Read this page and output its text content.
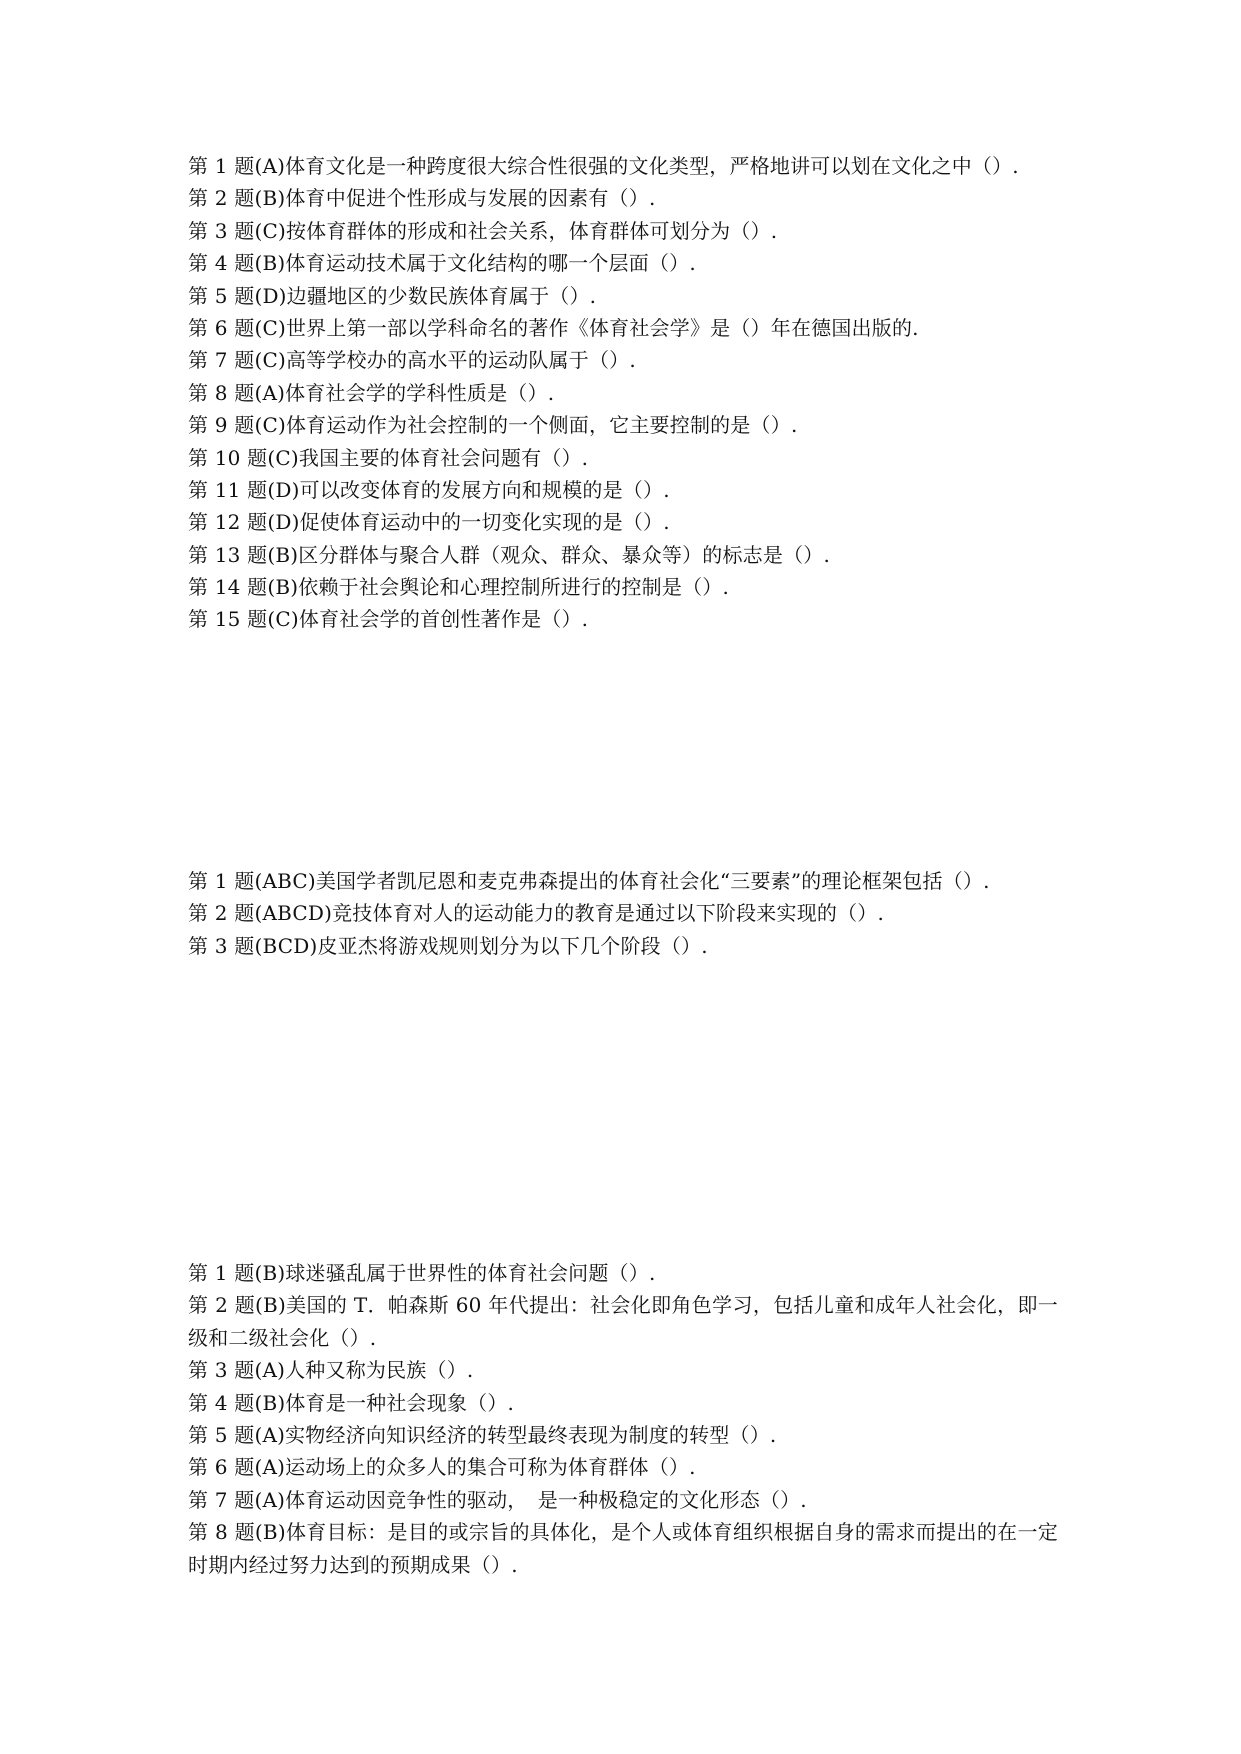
第 1 题(A)体育文化是一种跨度很大综合性很强的文化类型，严格地讲可以划在文化之中（）.
第 2 题(B)体育中促进个性形成与发展的因素有（）.
第 3 题(C)按体育群体的形成和社会关系，体育群体可划分为（）.
第 4 题(B)体育运动技术属于文化结构的哪一个层面（）.
第 5 题(D)边疆地区的少数民族体育属于（）.
第 6 题(C)世界上第一部以学科命名的著作《体育社会学》是（）年在德国出版的.
第 7 题(C)高等学校办的高水平的运动队属于（）.
第 8 题(A)体育社会学的学科性质是（）.
第 9 题(C)体育运动作为社会控制的一个侧面，它主要控制的是（）.
第 10 题(C)我国主要的体育社会问题有（）.
第 11 题(D)可以改变体育的发展方向和规模的是（）.
第 12 题(D)促使体育运动中的一切变化实现的是（）.
第 13 题(B)区分群体与聚合人群（观众、群众、暴众等）的标志是（）.
第 14 题(B)依赖于社会舆论和心理控制所进行的控制是（）.
第 15 题(C)体育社会学的首创性著作是（）.
第 1 题(ABC)美国学者凯尼恩和麦克弗森提出的体育社会化“三要素”的理论框架包括（）.
第 2 题(ABCD)竞技体育对人的运动能力的教育是通过以下阶段来实现的（）.
第 3 题(BCD)皮亚杰将游戏规则划分为以下几个阶段（）.
第 1 题(B)球迷骚乱属于世界性的体育社会问题（）.
第 2 题(B)美国的 T．帕森斯 60 年代提出：社会化即角色学习，包括儿童和成年人社会化，即一级和二级社会化（）.
第 3 题(A)人种又称为民族（）.
第 4 题(B)体育是一种社会现象（）.
第 5 题(A)实物经济向知识经济的转型最终表现为制度的转型（）.
第 6 题(A)运动场上的众多人的集合可称为体育群体（）.
第 7 题(A)体育运动因竞争性的驱动，　是一种极稳定的文化形态（）.
第 8 题(B)体育目标：是目的或宗旨的具体化，是个人或体育组织根据自身的需求而提出的在一定时期内经过努力达到的预期成果（）.
